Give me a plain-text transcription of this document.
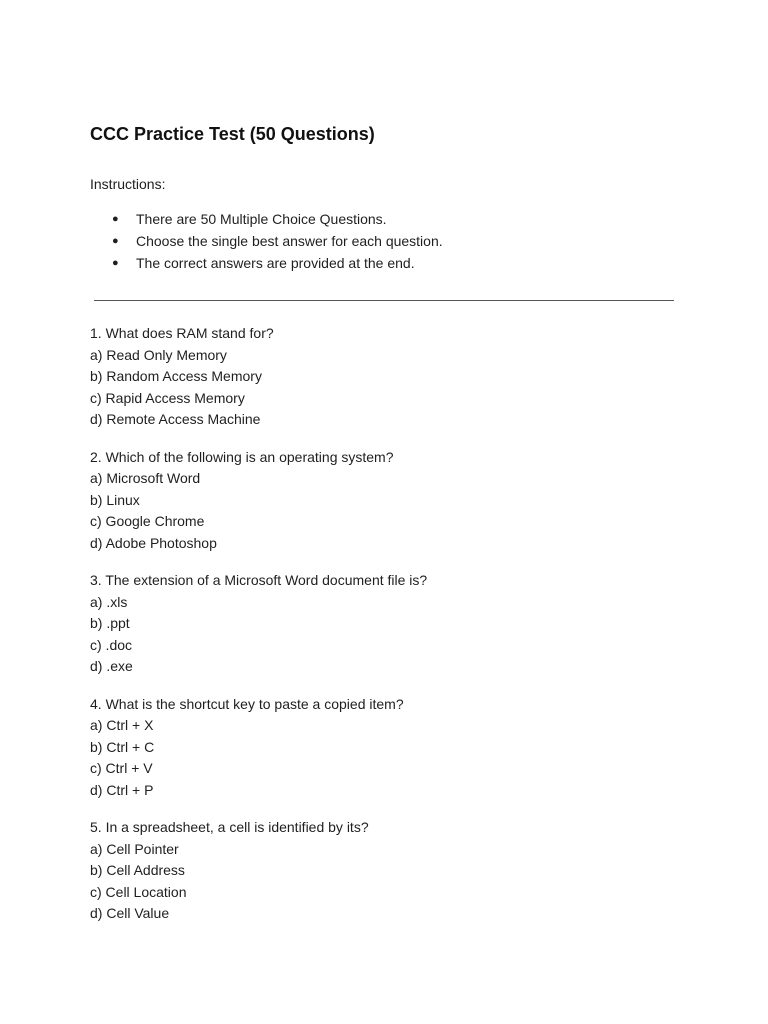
CCC Practice Test (50 Questions)
Instructions:
● There are 50 Multiple Choice Questions.
● Choose the single best answer for each question.
● The correct answers are provided at the end.
1. What does RAM stand for?
a) Read Only Memory
b) Random Access Memory
c) Rapid Access Memory
d) Remote Access Machine
2. Which of the following is an operating system?
a) Microsoft Word
b) Linux
c) Google Chrome
d) Adobe Photoshop
3. The extension of a Microsoft Word document file is?
a) .xls
b) .ppt
c) .doc
d) .exe
4. What is the shortcut key to paste a copied item?
a) Ctrl + X
b) Ctrl + C
c) Ctrl + V
d) Ctrl + P
5. In a spreadsheet, a cell is identified by its?
a) Cell Pointer
b) Cell Address
c) Cell Location
d) Cell Value
